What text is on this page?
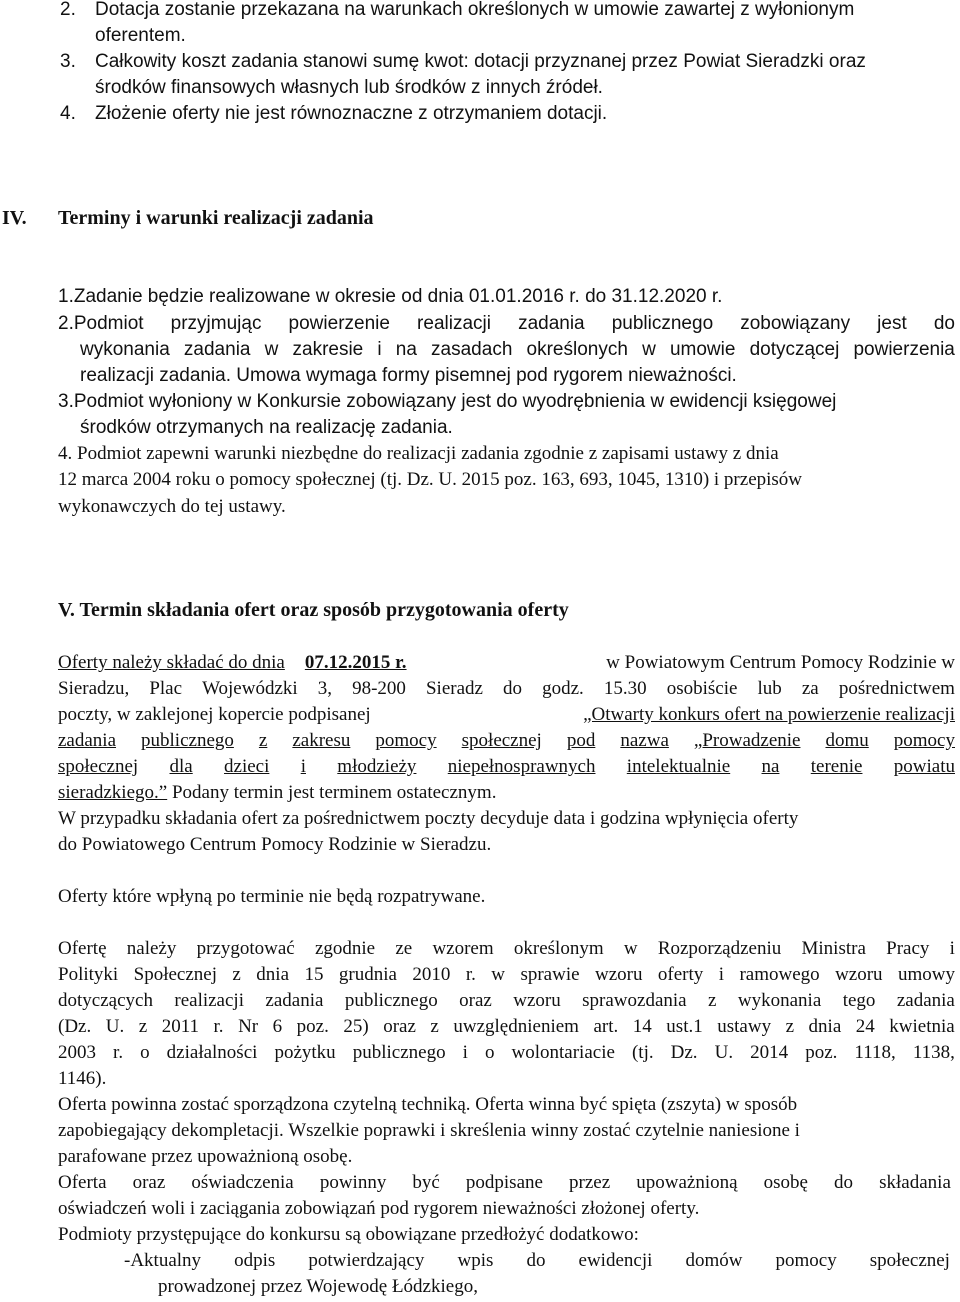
2. Dotacja zostanie przekazana na warunkach określonych w umowie zawartej z wyłonionym
oferentem.
3. Całkowity koszt zadania stanowi sumę kwot: dotacji przyznanej przez Powiat Sieradzki oraz
środków finansowych własnych lub środków z innych źródeł.
4. Złożenie oferty nie jest równoznaczne z otrzymaniem dotacji.
IV. Terminy i warunki realizacji zadania
1.Zadanie będzie realizowane w okresie od dnia 01.01.2016 r. do 31.12.2020 r.
2.Podmiot przyjmując powierzenie realizacji zadania publicznego zobowiązany jest do
wykonania zadania w zakresie i na zasadach określonych w umowie dotyczącej powierzenia
realizacji zadania. Umowa wymaga formy pisemnej pod rygorem nieważności.
3.Podmiot wyłoniony w Konkursie zobowiązany jest do wyodrębnienia w ewidencji księgowej
środków otrzymanych na realizację zadania.
4. Podmiot zapewni warunki niezbędne do realizacji zadania zgodnie z zapisami ustawy z dnia
12 marca 2004 roku o pomocy społecznej (tj. Dz. U. 2015 poz. 163, 693, 1045, 1310) i przepisów
wykonawczych do tej ustawy.
V. Termin składania ofert oraz sposób przygotowania oferty
Oferty należy składać do dnia 07.12.2015 r.	w Powiatowym Centrum Pomocy Rodzinie w
Sieradzu, Plac Wojewódzki 3, 98-200 Sieradz do godz. 15.30 osobiście lub za pośrednictwem
poczty, w zaklejonej kopercie podpisanej	„Otwarty konkurs ofert na powierzenie realizacji
zadania publicznego z zakresu pomocy społecznej pod nazwa „Prowadzenie domu pomocy
społecznej dla dzieci i młodzieży niepełnosprawnych intelektualnie na terenie powiatu
sieradzkiego.” Podany termin jest terminem ostatecznym.
W przypadku składania ofert za pośrednictwem poczty decyduje data i godzina wpłynięcia oferty
do Powiatowego Centrum Pomocy Rodzinie w Sieradzu.
Oferty które wpłyną po terminie nie będą rozpatrywane.
Ofertę należy przygotować zgodnie ze wzorem określonym w Rozporządzeniu Ministra Pracy i
Polityki Społecznej z dnia 15 grudnia 2010 r. w sprawie wzoru oferty i ramowego wzoru umowy
dotyczących realizacji zadania publicznego oraz wzoru sprawozdania z wykonania tego zadania
(Dz. U. z 2011 r. Nr 6 poz. 25) oraz z uwzględnieniem art. 14 ust.1 ustawy z dnia 24 kwietnia
2003 r. o działalności pożytku publicznego i o wolontariacie (tj. Dz. U. 2014 poz. 1118, 1138,
1146).
Oferta powinna zostać sporządzona czytelną techniką. Oferta winna być spięta (zszyta) w sposób
zapobiegający dekompletacji. Wszelkie poprawki i skreślenia winny zostać czytelnie naniesione i
parafowane przez upoważnioną osobę.
Oferta oraz oświadczenia powinny być podpisane przez upoważnioną osobę do składania
oświadczeń woli i zaciągania zobowiązań pod rygorem nieważności złożonej oferty.
Podmioty przystępujące do konkursu są obowiązane przedłożyć dodatkowo:
-Aktualny odpis potwierdzający wpis do ewidencji domów pomocy społecznej
prowadzonej przez Wojewodę Łódzkiego,
